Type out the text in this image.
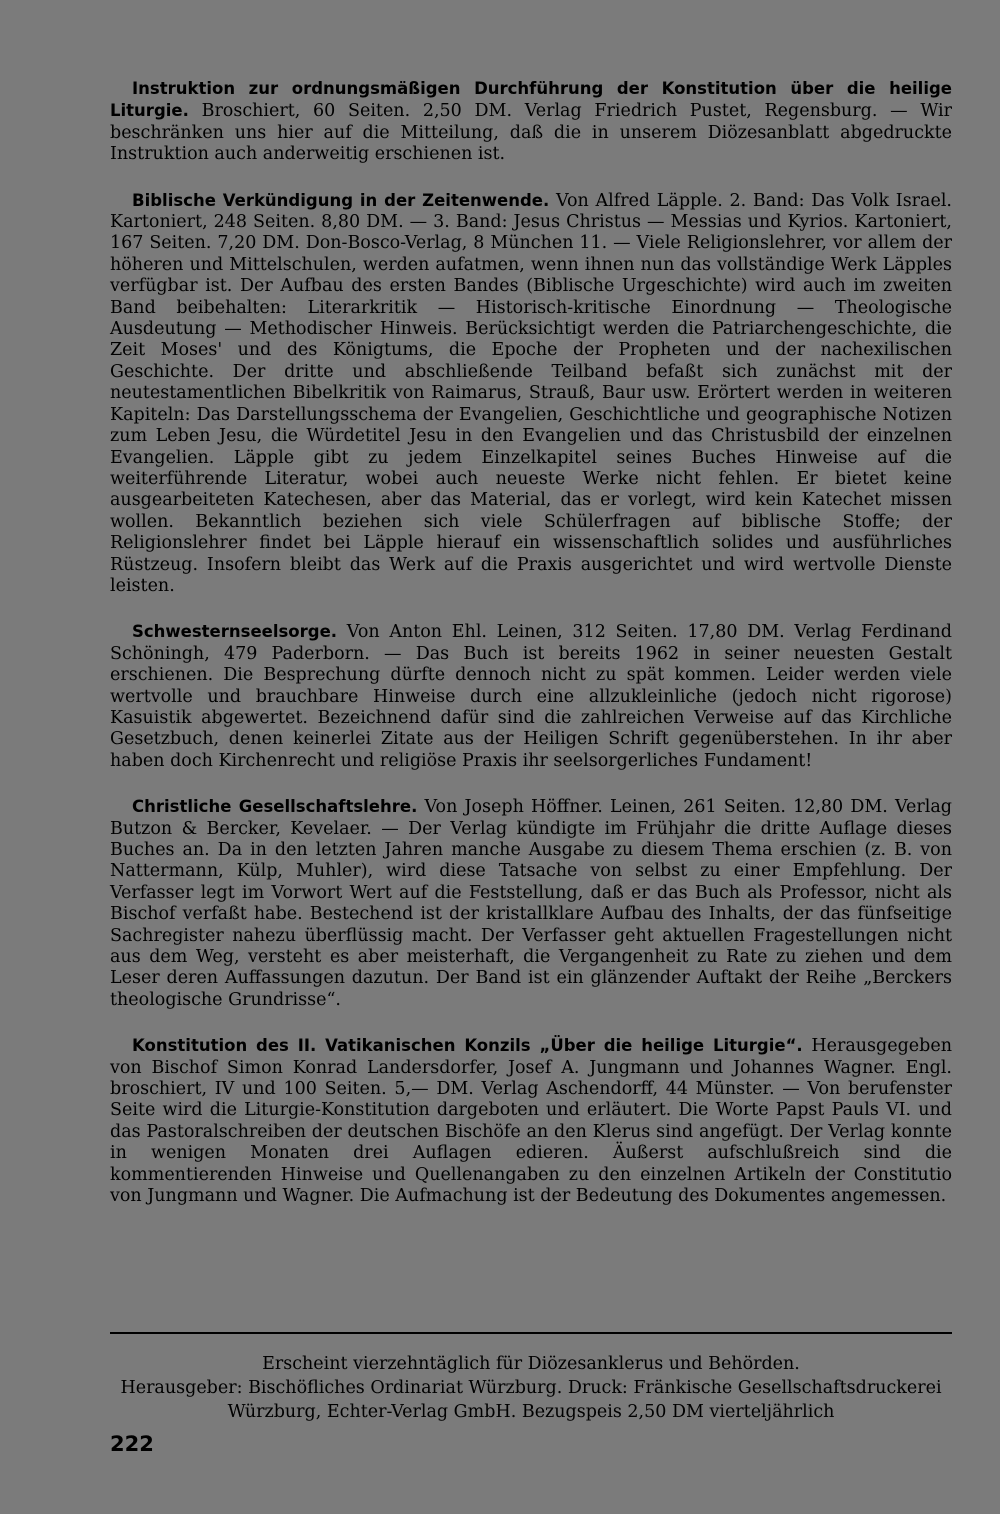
Instruktion zur ordnungsmäßigen Durchführung der Konstitution über die heilige Liturgie. Broschiert, 60 Seiten. 2,50 DM. Verlag Friedrich Pustet, Regensburg. — Wir beschränken uns hier auf die Mitteilung, daß die in unserem Diözesanblatt abgedruckte Instruktion auch anderweitig erschienen ist.

Biblische Verkündigung in der Zeitenwende. Von Alfred Läpple. 2. Band: Das Volk Israel. Kartoniert, 248 Seiten. 8,80 DM. — 3. Band: Jesus Christus — Messias und Kyrios. Kartoniert, 167 Seiten. 7,20 DM. Don-Bosco-Verlag, 8 München 11. — Viele Religionslehrer, vor allem der höheren und Mittelschulen, werden aufatmen, wenn ihnen nun das vollständige Werk Läpples verfügbar ist. Der Aufbau des ersten Bandes (Biblische Urgeschichte) wird auch im zweiten Band beibehalten: Literarkritik — Historisch-kritische Einordnung — Theologische Ausdeutung — Methodischer Hinweis. Berücksichtigt werden die Patriarchengeschichte, die Zeit Moses' und des Königtums, die Epoche der Propheten und der nachexilischen Geschichte. Der dritte und abschließende Teilband befaßt sich zunächst mit der neutestamentlichen Bibelkritik von Raimarus, Strauß, Baur usw. Erörtert werden in weiteren Kapiteln: Das Darstellungsschema der Evangelien, Geschichtliche und geographische Notizen zum Leben Jesu, die Würdetitel Jesu in den Evangelien und das Christusbild der einzelnen Evangelien. Läpple gibt zu jedem Einzelkapitel seines Buches Hinweise auf die weiterführende Literatur, wobei auch neueste Werke nicht fehlen. Er bietet keine ausgearbeiteten Katechesen, aber das Material, das er vorlegt, wird kein Katechet missen wollen. Bekanntlich beziehen sich viele Schülerfragen auf biblische Stoffe; der Religionslehrer findet bei Läpple hierauf ein wissenschaftlich solides und ausführliches Rüstzeug. Insofern bleibt das Werk auf die Praxis ausgerichtet und wird wertvolle Dienste leisten.

Schwesternseelsorge. Von Anton Ehl. Leinen, 312 Seiten. 17,80 DM. Verlag Ferdinand Schöningh, 479 Paderborn. — Das Buch ist bereits 1962 in seiner neuesten Gestalt erschienen. Die Besprechung dürfte dennoch nicht zu spät kommen. Leider werden viele wertvolle und brauchbare Hinweise durch eine allzukleinliche (jedoch nicht rigorose) Kasuistik abgewertet. Bezeichnend dafür sind die zahlreichen Verweise auf das Kirchliche Gesetzbuch, denen keinerlei Zitate aus der Heiligen Schrift gegenüberstehen. In ihr aber haben doch Kirchenrecht und religiöse Praxis ihr seelsorgerliches Fundament!

Christliche Gesellschaftslehre. Von Joseph Höffner. Leinen, 261 Seiten. 12,80 DM. Verlag Butzon & Bercker, Kevelaer. — Der Verlag kündigte im Frühjahr die dritte Auflage dieses Buches an. Da in den letzten Jahren manche Ausgabe zu diesem Thema erschien (z. B. von Nattermann, Külp, Muhler), wird diese Tatsache von selbst zu einer Empfehlung. Der Verfasser legt im Vorwort Wert auf die Feststellung, daß er das Buch als Professor, nicht als Bischof verfaßt habe. Bestechend ist der kristallklare Aufbau des Inhalts, der das fünfseitige Sachregister nahezu überflüssig macht. Der Verfasser geht aktuellen Fragestellungen nicht aus dem Weg, versteht es aber meisterhaft, die Vergangenheit zu Rate zu ziehen und dem Leser deren Auffassungen dazutun. Der Band ist ein glänzender Auftakt der Reihe „Berckers theologische Grundrisse“.

Konstitution des II. Vatikanischen Konzils „Über die heilige Liturgie“. Herausgegeben von Bischof Simon Konrad Landersdorfer, Josef A. Jungmann und Johannes Wagner. Engl. broschiert, IV und 100 Seiten. 5,— DM. Verlag Aschendorff, 44 Münster. — Von berufenster Seite wird die Liturgie-Konstitution dargeboten und erläutert. Die Worte Papst Pauls VI. und das Pastoralschreiben der deutschen Bischöfe an den Klerus sind angefügt. Der Verlag konnte in wenigen Monaten drei Auflagen edieren. Äußerst aufschlußreich sind die kommentierenden Hinweise und Quellenangaben zu den einzelnen Artikeln der Constitutio von Jungmann und Wagner. Die Aufmachung ist der Bedeutung des Dokumentes angemessen.

Erscheint vierzehntäglich für Diözesanklerus und Behörden.
Herausgeber: Bischöfliches Ordinariat Würzburg. Druck: Fränkische Gesellschaftsdruckerei Würzburg, Echter-Verlag GmbH. Bezugspeis 2,50 DM vierteljährlich
222
